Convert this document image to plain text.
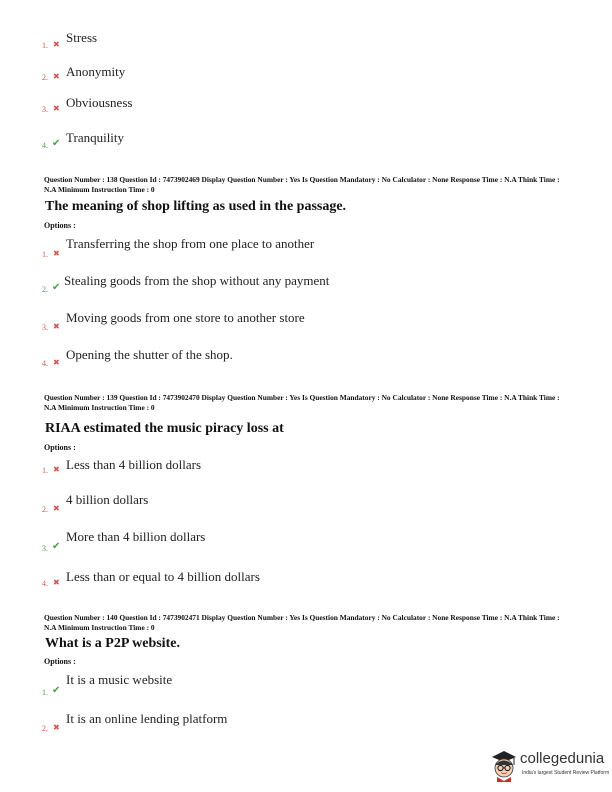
1. ✖ Stress
2. ✖ Anonymity
3. ✖ Obviousness
4. ✔ Tranquility
Question Number : 138 Question Id : 7473902469 Display Question Number : Yes Is Question Mandatory : No Calculator : None Response Time : N.A Think Time : N.A Minimum Instruction Time : 0
The meaning of shop lifting as used in the passage.
Options :
1. ✖
Transferring the shop from one place to another
2. ✔ Stealing goods from the shop without any payment
3. ✖
Moving goods from one store to another store
4. ✖
Opening the shutter of the shop.
Question Number : 139 Question Id : 7473902470 Display Question Number : Yes Is Question Mandatory : No Calculator : None Response Time : N.A Think Time : N.A Minimum Instruction Time : 0
RIAA estimated the music piracy loss at
Options :
1. ✖ Less than 4 billion dollars
2. ✖
4 billion dollars
3. ✔
More than 4 billion dollars
4. ✖ Less than or equal to 4 billion dollars
Question Number : 140 Question Id : 7473902471 Display Question Number : Yes Is Question Mandatory : No Calculator : None Response Time : N.A Think Time : N.A Minimum Instruction Time : 0
What is a P2P website.
Options :
1. ✔
It is a music website
2. ✖
It is an online lending platform
collegedunia
India's largest Student Review Platform
